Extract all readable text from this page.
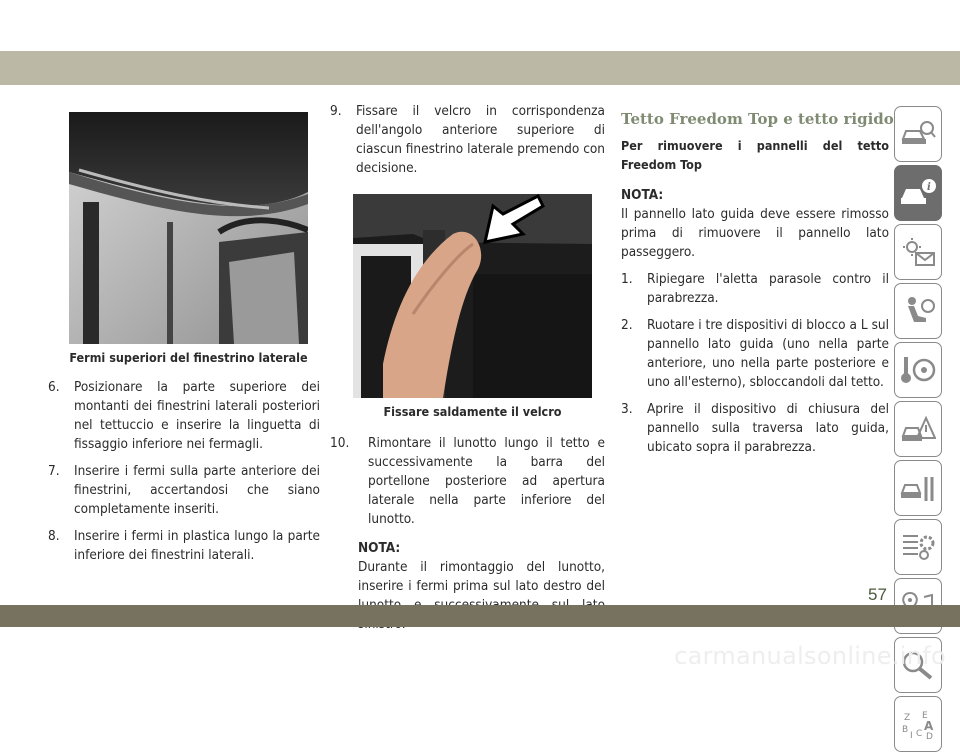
Fermi superiori del finestrino laterale
6.	Posizionare la parte superiore dei montanti dei finestrini laterali posteriori nel tettuccio e inserire la linguetta di fissaggio inferiore nei fermagli.
7.	Inserire i fermi sulla parte anteriore dei finestrini, accertandosi che siano completamente inseriti.
8.	Inserire i fermi in plastica lungo la parte inferiore dei finestrini laterali.
9.	Fissare il velcro in corrispondenza dell'angolo anteriore superiore di ciascun finestrino laterale premendo con decisione.
Fissare saldamente il velcro
10.	Rimontare il lunotto lungo il tetto e successivamente la barra del portellone posteriore ad apertura laterale nella parte inferiore del lunotto.
NOTA:
Durante il rimontaggio del lunotto, inserire i fermi prima sul lato destro del
Tetto Freedom Top e tetto rigido
Per rimuovere i pannelli del tetto Freedom Top
NOTA:
Il pannello lato guida deve essere rimosso prima di rimuovere il pannello lato passeggero.
1.	Ripiegare l'aletta parasole contro il parabrezza.
2.	Ruotare i tre dispositivi di blocco a L sul pannello lato guida (uno nella parte anteriore, uno nella parte posteriore e uno all'esterno), sbloccandoli dal tetto.
3.	Aprire il dispositivo di chiusura del pannello sulla traversa lato guida, ubicato sopra il parabrezza.
i
Z E
A
B
I C D
57
carmanualsonline.info
